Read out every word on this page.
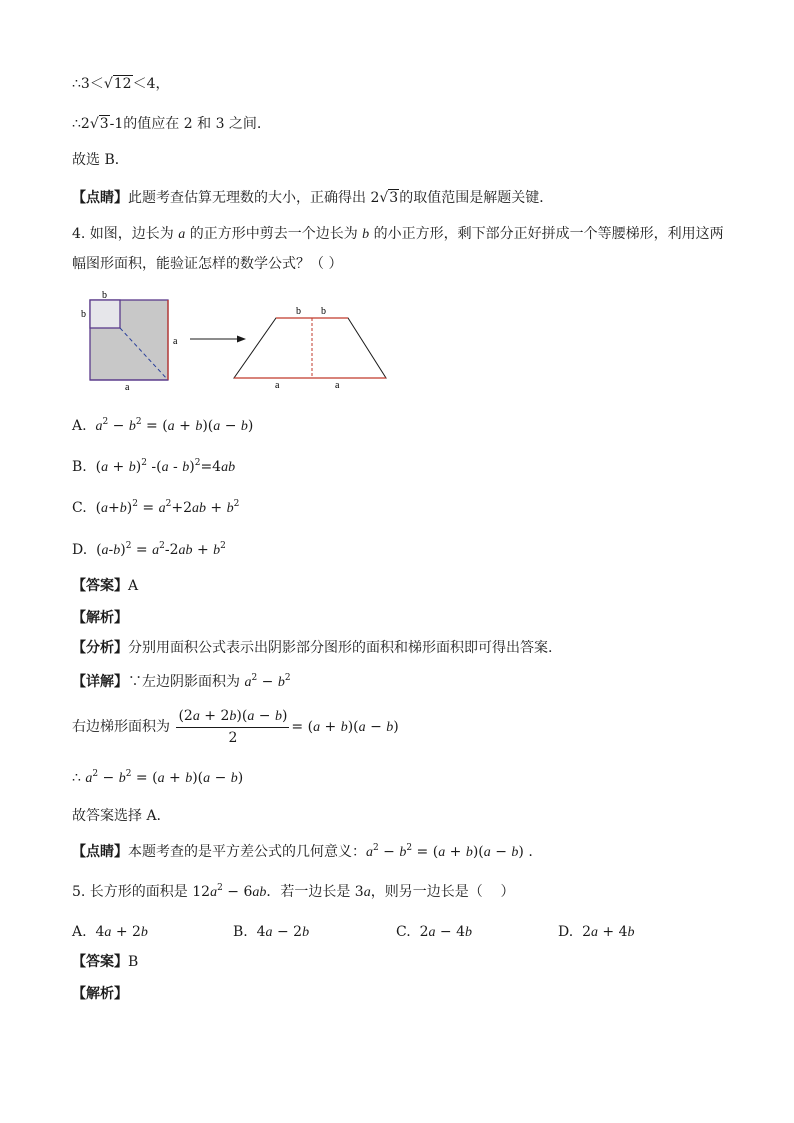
∴3＜√12＜4，
∴2√3-1的值应在 2 和 3 之间.
故选 B．
【点睛】此题考查估算无理数的大小，正确得出 2√3的取值范围是解题关键．
4. 如图，边长为 a 的正方形中剪去一个边长为 b 的小正方形，剩下部分正好拼成一个等腰梯形，利用这两
幅图形面积，能验证怎样的数学公式？（ ）
b
b
a
a
b b
a	a
A.  $a^2 - b^2 = (a + b)(a - b)$
B.  $(a + b)^2$ -(a - b)$^2$=4ab
C.  $(a+b)^2 = a^2+2ab + b^2$
D.  $(a-b)^2 = a^2-2ab + b^2$
【答案】A
【解析】
【分析】分别用面积公式表示出阴影部分图形的面积和梯形面积即可得出答案.
【详解】∵左边阴影面积为 $a^2 - b^2$
右边梯形面积为 $\frac{(2a + 2b)(a - b)}{2} = (a + b)(a - b)$
∴ $a^2 - b^2 = (a + b)(a - b)$
故答案选择 A.
【点睛】本题考查的是平方差公式的几何意义：$a^2 - b^2 = (a + b)(a - b)$ .
5. 长方形的面积是 $12a^2 - 6ab$．若一边长是 3a，则另一边长是（    ）
A.  4a + 2b	B.  4a − 2b	C.  2a − 4b	D.  2a + 4b
【答案】B
【解析】
